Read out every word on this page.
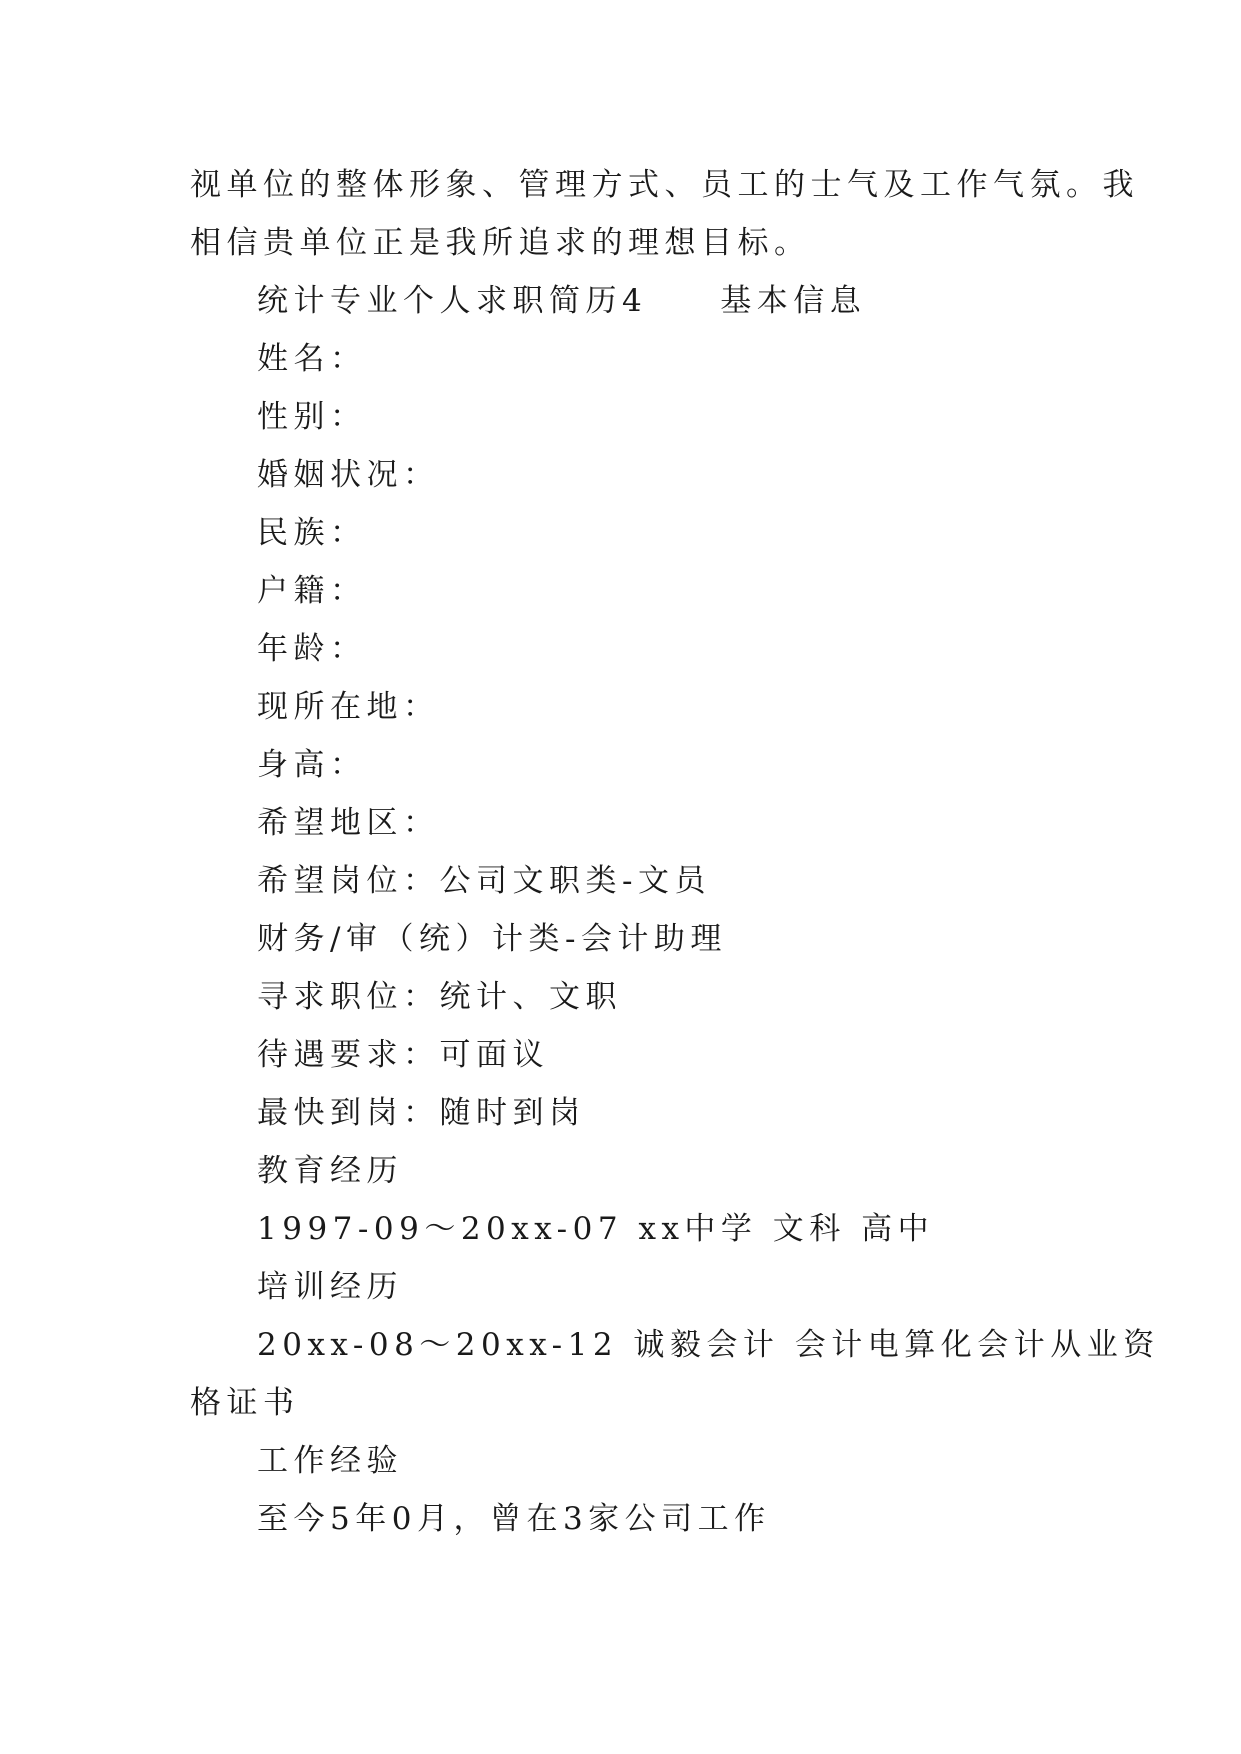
视单位的整体形象、管理方式、员工的士气及工作气氛。我
相信贵单位正是我所追求的理想目标。
统计专业个人求职简历4　　基本信息
姓名：
性别：
婚姻状况：
民族：
户籍：
年龄：
现所在地：
身高：
希望地区：
希望岗位：公司文职类-文员
财务/审（统）计类-会计助理
寻求职位：统计、文职
待遇要求：可面议
最快到岗：随时到岗
教育经历
1997-09～20xx-07 xx中学 文科 高中
培训经历
20xx-08～20xx-12 诚毅会计 会计电算化会计从业资
格证书
工作经验
至今5年0月，曾在3家公司工作
